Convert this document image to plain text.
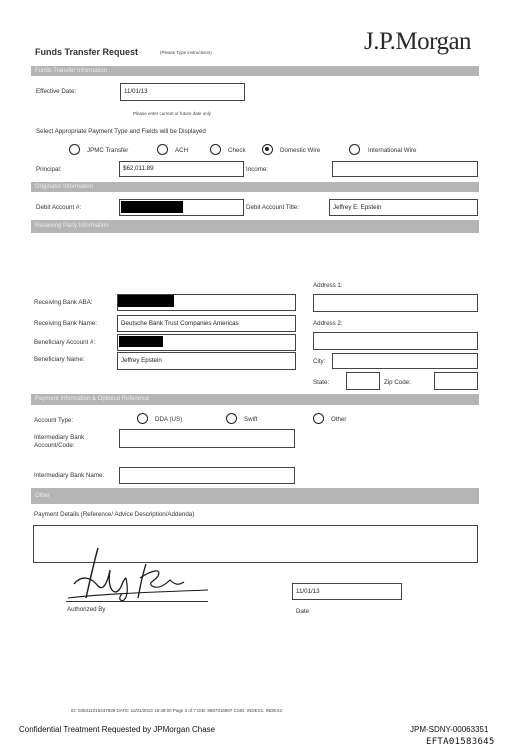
J.P.Morgan
Funds Transfer Request	(Please Type instructions)
Funds Transfer Information
Effective Date:	11/01/13
Please enter current or future date only
Select Appropriate Payment Type and Fields will be Displayed
JPMC Transfer	ACH	Check	Domestic Wire	International Wire
Principal:	$62,011.89	Income:
Originator Information
Debit Account #:	Debit Account Title:	Jeffrey E. Epstein
Receiving Party Information
Address 1:
Receiving Bank ABA:
Receiving Bank Name:	Deutsche Bank Trust Companies Americas	Address 2:
Beneficiary Account #:
Beneficiary Name:	Jeffrey Epstein	City:
State:	Zip Code:
Payment Information & Optional Reference
Account Type:	DDA (US)	Swift	Other
Intermediary Bank
Account/Code:
Intermediary Bank Name:
Other
Payment Details (Reference/ Advice Description/Addenda)
Authorized By
11/01/13
Date
ID: 036311015447839 DATE: 11/01/2013 18:48:00 Page 3 of 7 DID: 8887316807 CSID: INDEX1: INDEX2:
Confidential Treatment Requested by JPMorgan Chase	JPM-SDNY-00063351
EFTA01583645
